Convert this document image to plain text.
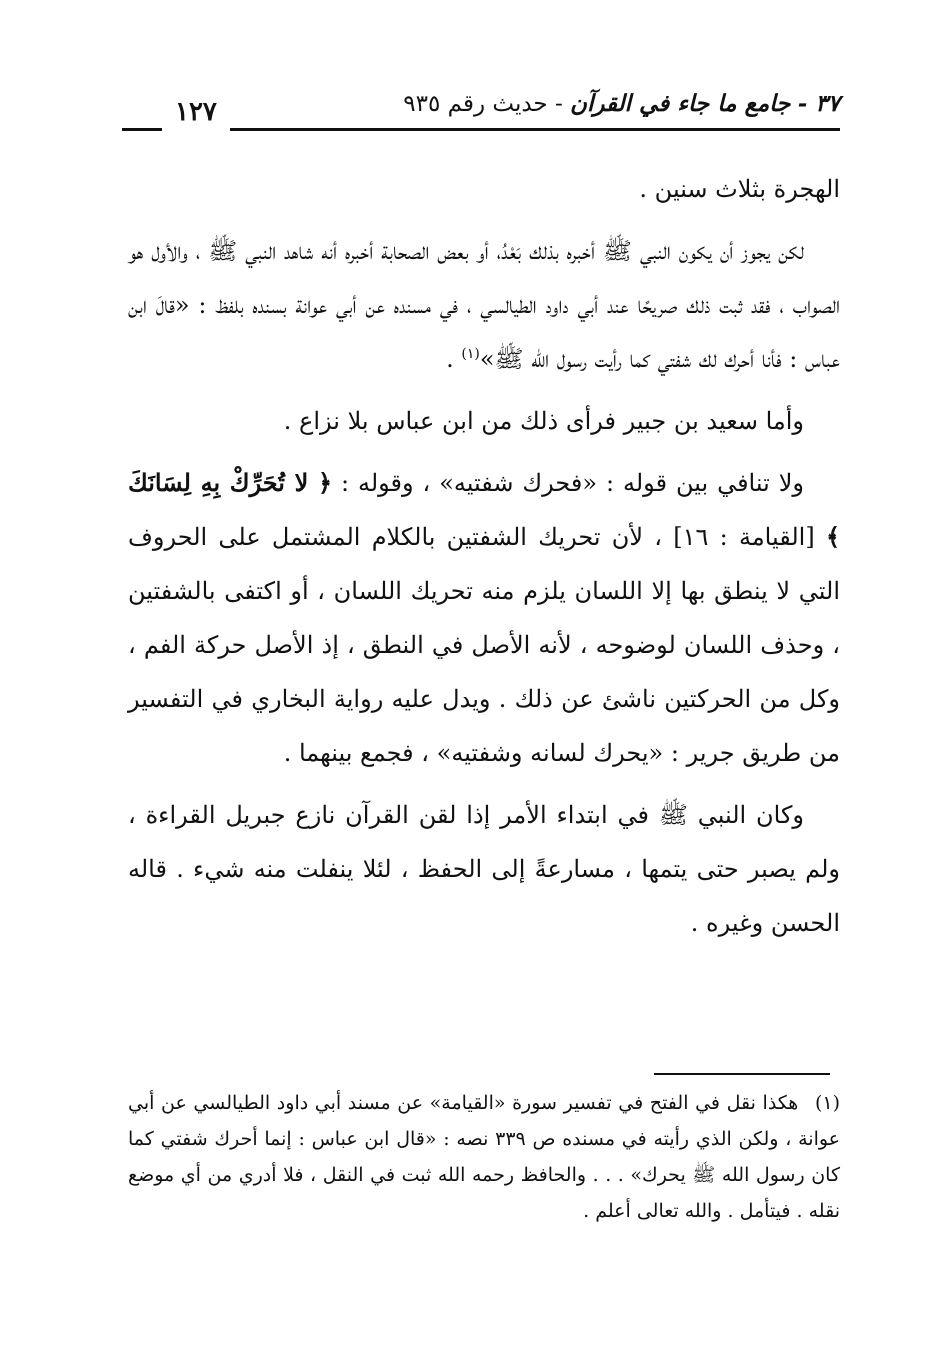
٣٧ - جامع ما جاء في القرآن - حديث رقم ٩٣٥
١٢٧

الهجرة بثلاث سنين .

لكن يجوز أن يكون النبي ﷺ أخبره بذلك بَعْدُ، أو بعض الصحابة أخبره أنه شاهد النبي ﷺ ، والأول هو الصواب ، فقد ثبت ذلك صريحًا عند أبي داود الطيالسي ، في مسنده عن أبي عوانة بسنده بلفظ : «قالَ ابن عباس : فأنا أحرك لك شفتي كما رأيت رسول الله ﷺ»$^{(١)}$ .

وأما سعيد بن جبير فرأى ذلك من ابن عباس بلا نزاع .

ولا تنافي بين قوله : «فحرك شفتيه» ، وقوله : ﴿ لا تُحَرِّكْ بِهِ لِسَانَكَ ﴾ [القيامة : ١٦] ، لأن تحريك الشفتين بالكلام المشتمل على الحروف التي لا ينطق بها إلا اللسان يلزم منه تحريك اللسان ، أو اكتفى بالشفتين ، وحذف اللسان لوضوحه ، لأنه الأصل في النطق ، إذ الأصل حركة الفم ، وكل من الحركتين ناشئ عن ذلك . ويدل عليه رواية البخاري في التفسير من طريق جرير : «يحرك لسانه وشفتيه» ، فجمع بينهما .

وكان النبي ﷺ في ابتداء الأمر إذا لقن القرآن نازع جبريل القراءة ، ولم يصبر حتى يتمها ، مسارعةً إلى الحفظ ، لئلا ينفلت منه شيء . قاله الحسن وغيره .

(١) هكذا نقل في الفتح في تفسير سورة «القيامة» عن مسند أبي داود الطيالسي عن أبي عوانة ، ولكن الذي رأيته في مسنده ص ٣٣٩ نصه : «قال ابن عباس : إنما أحرك شفتي كما كان رسول الله ﷺ يحرك» . . . والحافظ رحمه الله ثبت في النقل ، فلا أدري من أي موضع نقله . فيتأمل . والله تعالى أعلم .
